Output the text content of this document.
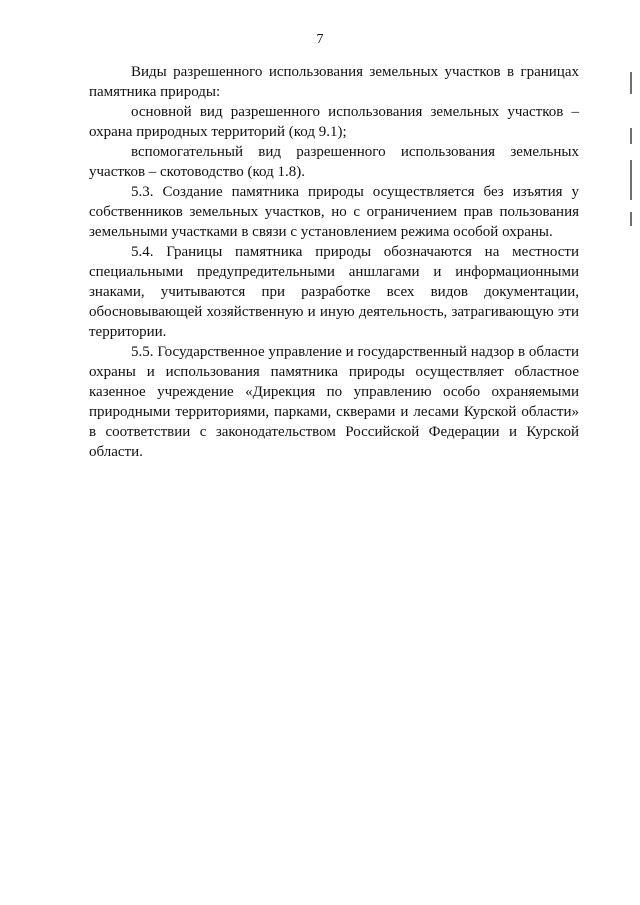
7

Виды разрешенного использования земельных участков в границах памятника природы:

основной вид разрешенного использования земельных участков – охрана природных территорий (код 9.1);

вспомогательный вид разрешенного использования земельных участков – скотоводство (код 1.8).

5.3. Создание памятника природы осуществляется без изъятия у собственников земельных участков, но с ограничением прав пользования земельными участками в связи с установлением режима особой охраны.

5.4. Границы памятника природы обозначаются на местности специальными предупредительными аншлагами и информационными знаками, учитываются при разработке всех видов документации, обосновывающей хозяйственную и иную деятельность, затрагивающую эти территории.

5.5. Государственное управление и государственный надзор в области охраны и использования памятника природы осуществляет областное казенное учреждение «Дирекция по управлению особо охраняемыми природными территориями, парками, скверами и лесами Курской области» в соответствии с законодательством Российской Федерации и Курской области.
